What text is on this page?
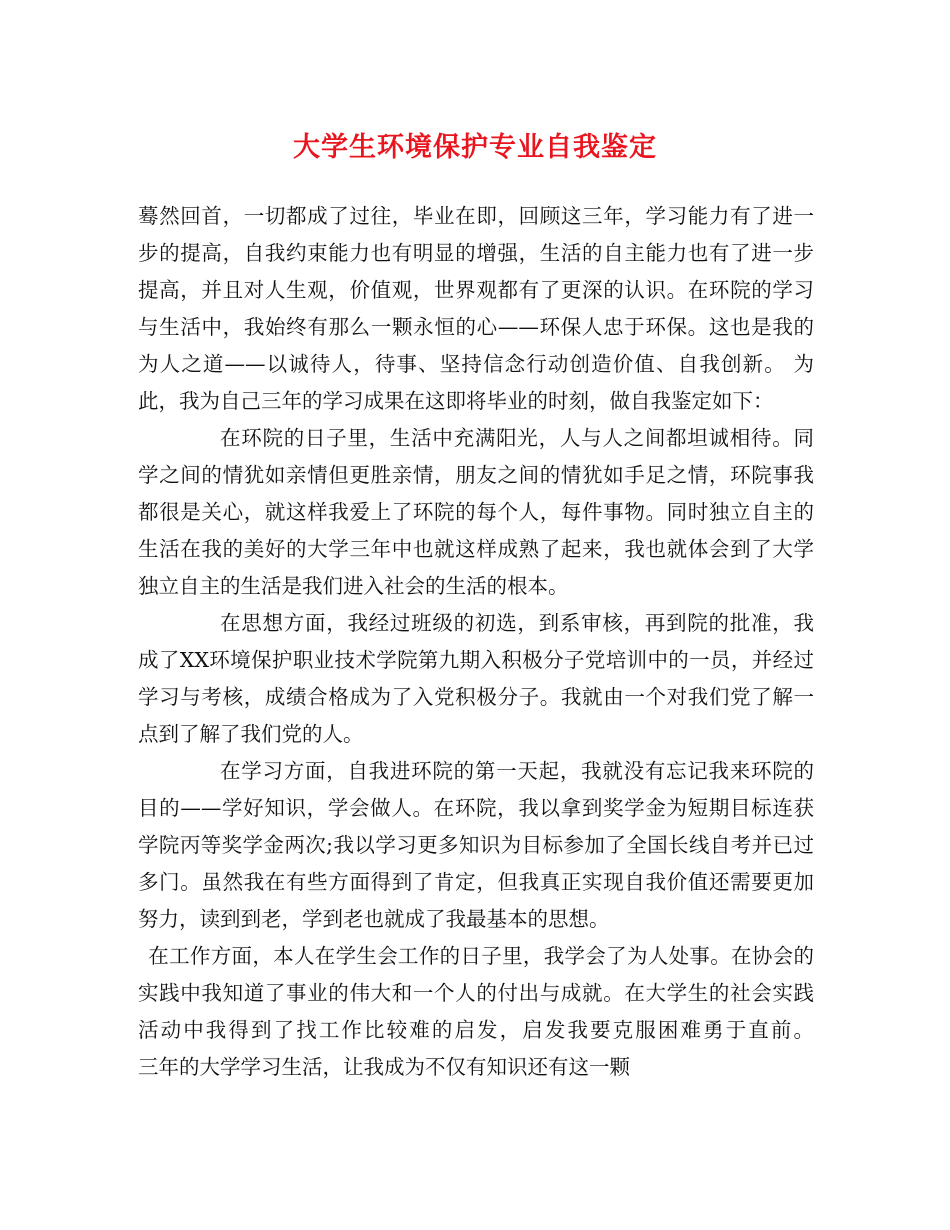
大学生环境保护专业自我鉴定

蓦然回首，一切都成了过往，毕业在即，回顾这三年，学习能力有了进一步的提高，自我约束能力也有明显的增强，生活的自主能力也有了进一步提高，并且对人生观，价值观，世界观都有了更深的认识。在环院的学习与生活中，我始终有那么一颗永恒的心——环保人忠于环保。这也是我的为人之道——以诚待人，待事、坚持信念行动创造价值、自我创新。 为此，我为自己三年的学习成果在这即将毕业的时刻，做自我鉴定如下：

在环院的日子里，生活中充满阳光，人与人之间都坦诚相待。同学之间的情犹如亲情但更胜亲情，朋友之间的情犹如手足之情，环院事我都很是关心，就这样我爱上了环院的每个人，每件事物。同时独立自主的生活在我的美好的大学三年中也就这样成熟了起来，我也就体会到了大学独立自主的生活是我们进入社会的生活的根本。

在思想方面，我经过班级的初选，到系审核，再到院的批准，我成了XX环境保护职业技术学院第九期入积极分子党培训中的一员，并经过学习与考核，成绩合格成为了入党积极分子。我就由一个对我们党了解一点到了解了我们党的人。

在学习方面，自我进环院的第一天起，我就没有忘记我来环院的目的——学好知识，学会做人。在环院，我以拿到奖学金为短期目标连获学院丙等奖学金两次;我以学习更多知识为目标参加了全国长线自考并已过多门。虽然我在有些方面得到了肯定，但我真正实现自我价值还需要更加努力，读到到老，学到老也就成了我最基本的思想。

在工作方面，本人在学生会工作的日子里，我学会了为人处事。在协会的实践中我知道了事业的伟大和一个人的付出与成就。在大学生的社会实践活动中我得到了找工作比较难的启发，启发我要克服困难勇于直前。          三年的大学学习生活，让我成为不仅有知识还有这一颗
